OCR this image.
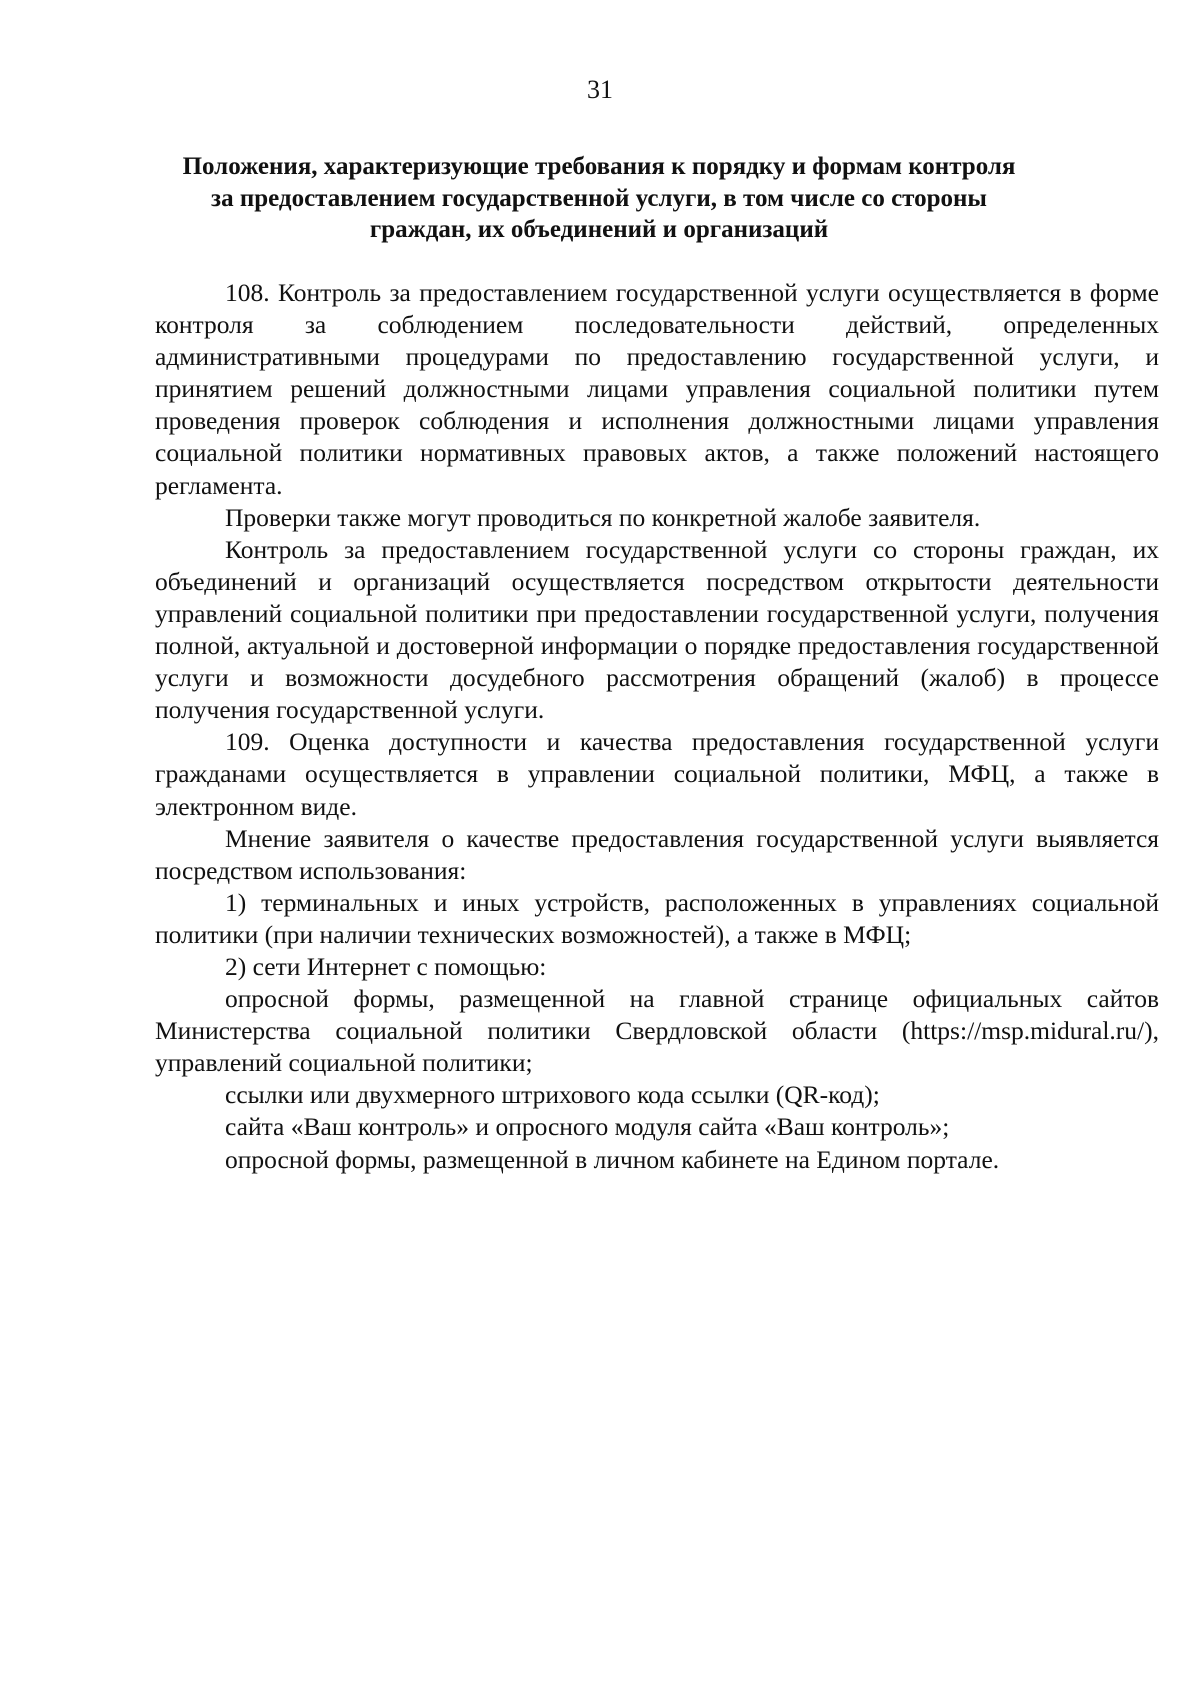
31
Положения, характеризующие требования к порядку и формам контроля
за предоставлением государственной услуги, в том числе со стороны
граждан, их объединений и организаций

108. Контроль за предоставлением государственной услуги осуществляется в форме контроля за соблюдением последовательности действий, определенных административными процедурами по предоставлению государственной услуги, и принятием решений должностными лицами управления социальной политики путем проведения проверок соблюдения и исполнения должностными лицами управления социальной политики нормативных правовых актов, а также положений настоящего регламента.

Проверки также могут проводиться по конкретной жалобе заявителя.

Контроль за предоставлением государственной услуги со стороны граждан, их объединений и организаций осуществляется посредством открытости деятельности управлений социальной политики при предоставлении государственной услуги, получения полной, актуальной и достоверной информации о порядке предоставления государственной услуги и возможности досудебного рассмотрения обращений (жалоб) в процессе получения государственной услуги.

109. Оценка доступности и качества предоставления государственной услуги гражданами осуществляется в управлении социальной политики, МФЦ, а также в электронном виде.

Мнение заявителя о качестве предоставления государственной услуги выявляется посредством использования:

1) терминальных и иных устройств, расположенных в управлениях социальной политики (при наличии технических возможностей), а также в МФЦ;

2) сети Интернет с помощью:

опросной формы, размещенной на главной странице официальных сайтов Министерства социальной политики Свердловской области (https://msp.midural.ru/), управлений социальной политики;

ссылки или двухмерного штрихового кода ссылки (QR-код);

сайта «Ваш контроль» и опросного модуля сайта «Ваш контроль»;

опросной формы, размещенной в личном кабинете на Едином портале.
